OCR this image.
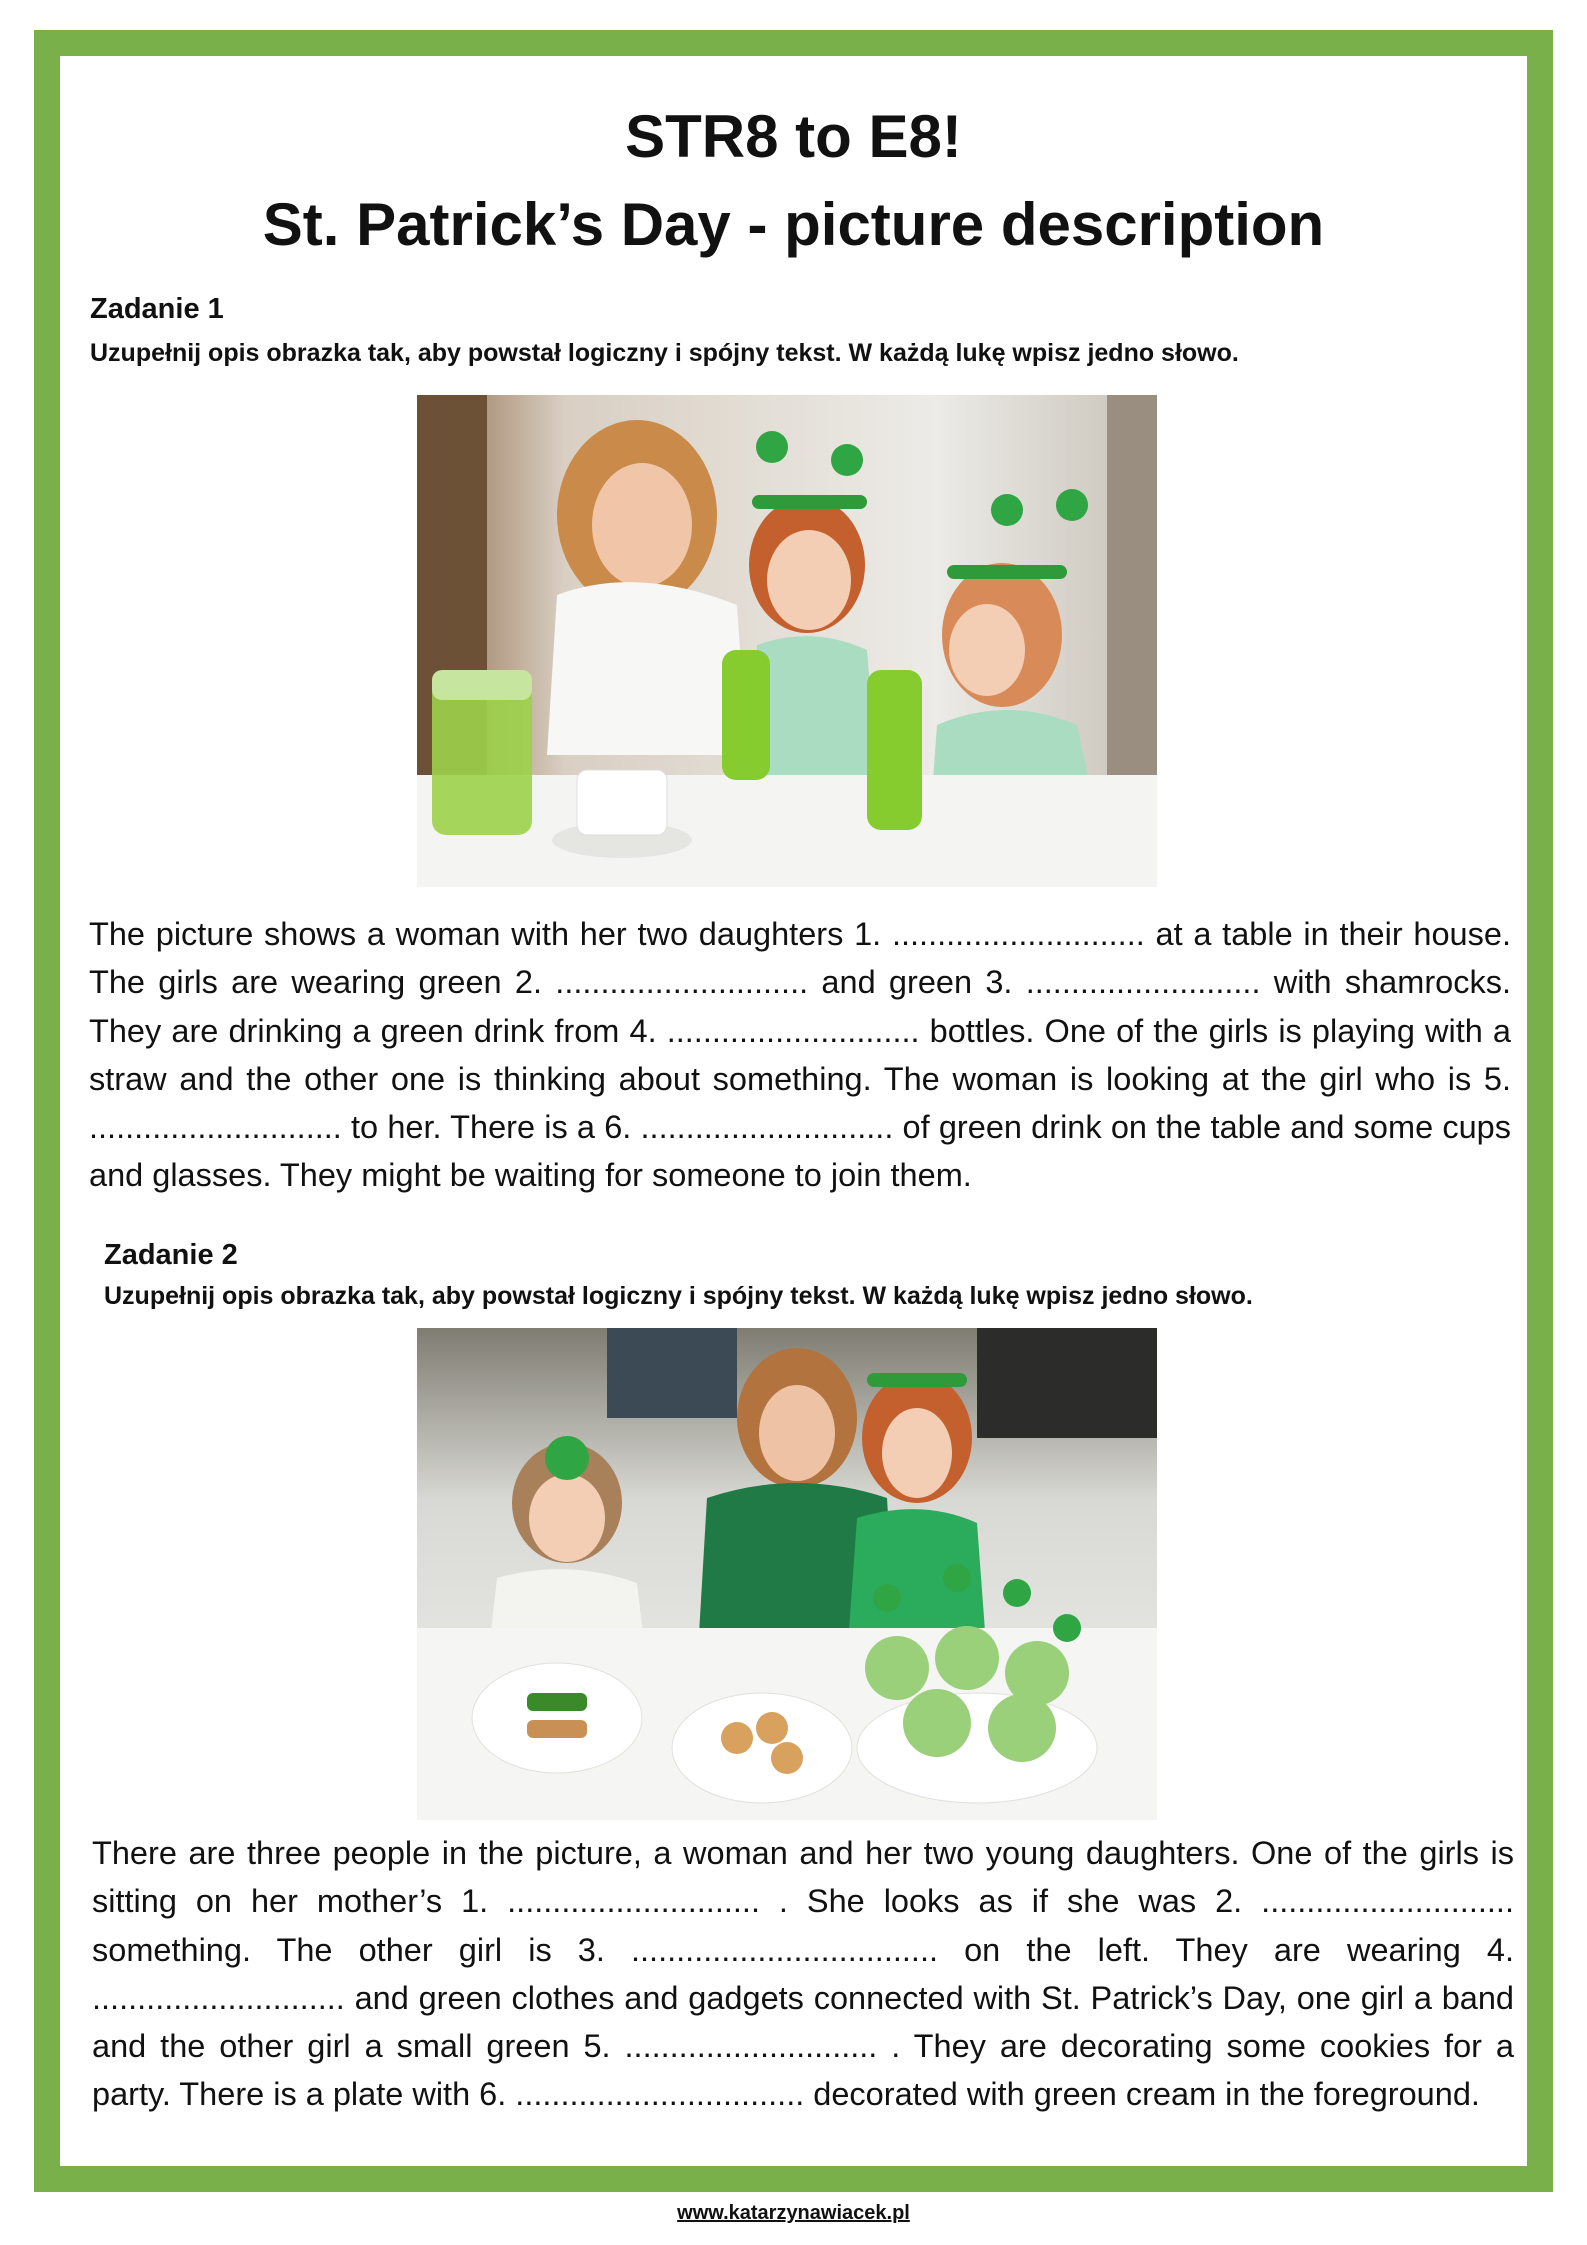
STR8 to E8!
St. Patrick’s Day - picture description
Zadanie 1

Uzupełnij opis obrazka tak, aby powstał logiczny i spójny tekst. W każdą lukę wpisz jedno słowo.

The picture shows a woman with her two daughters 1. ............................ at a table in their house. The girls are wearing green 2. ............................ and green 3. .......................... with shamrocks. They are drinking a green drink from 4. ............................ bottles. One of the girls is playing with a straw and the other one is thinking about something. The woman is looking at the girl who is 5. ............................ to her. There is a 6. ............................ of green drink on the table and some cups and glasses. They might be waiting for someone to join them.

Zadanie 2

Uzupełnij opis obrazka tak, aby powstał logiczny i spójny tekst. W każdą lukę wpisz jedno słowo.

There are three people in the picture, a woman and her two young daughters. One of the girls is sitting on her mother’s 1. ............................ . She looks as if she was 2. ............................ something. The other girl is 3. .................................. on the left. They are wearing 4. ............................ and green clothes and gadgets connected with St. Patrick’s Day, one girl a band and the other girl a small green 5. ............................ . They are decorating some cookies for a party. There is a plate with 6. ................................ decorated with green cream in the foreground.

www.katarzynawiacek.pl
